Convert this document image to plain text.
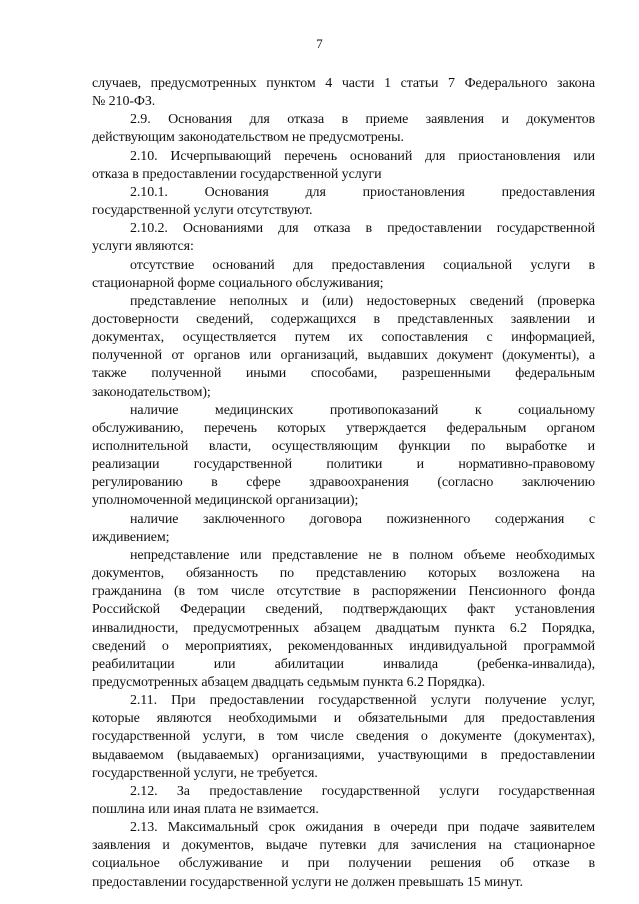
7
случаев, предусмотренных пунктом 4 части 1 статьи 7 Федерального закона
№ 210-ФЗ.
2.9. Основания для отказа в приеме заявления и документов
действующим законодательством не предусмотрены.
2.10. Исчерпывающий перечень оснований для приостановления или
отказа в предоставлении государственной услуги
2.10.1. Основания для приостановления предоставления
государственной услуги отсутствуют.
2.10.2. Основаниями для отказа в предоставлении государственной
услуги являются:
отсутствие оснований для предоставления социальной услуги в
стационарной форме социального обслуживания;
представление неполных и (или) недостоверных сведений (проверка
достоверности сведений, содержащихся в представленных заявлении и
документах, осуществляется путем их сопоставления с информацией,
полученной от органов или организаций, выдавших документ (документы), а
также полученной иными способами, разрешенными федеральным
законодательством);
наличие медицинских противопоказаний к социальному
обслуживанию, перечень которых утверждается федеральным органом
исполнительной власти, осуществляющим функции по выработке и
реализации государственной политики и нормативно-правовому
регулированию в сфере здравоохранения (согласно заключению
уполномоченной медицинской организации);
наличие заключенного договора пожизненного содержания с
иждивением;
непредставление или представление не в полном объеме необходимых
документов, обязанность по представлению которых возложена на
гражданина (в том числе отсутствие в распоряжении Пенсионного фонда
Российской Федерации сведений, подтверждающих факт установления
инвалидности, предусмотренных абзацем двадцатым пункта 6.2 Порядка,
сведений о мероприятиях, рекомендованных индивидуальной программой
реабилитации или абилитации инвалида (ребенка-инвалида),
предусмотренных абзацем двадцать седьмым пункта 6.2 Порядка).
2.11. При предоставлении государственной услуги получение услуг,
которые являются необходимыми и обязательными для предоставления
государственной услуги, в том числе сведения о документе (документах),
выдаваемом (выдаваемых) организациями, участвующими в предоставлении
государственной услуги, не требуется.
2.12. За предоставление государственной услуги государственная
пошлина или иная плата не взимается.
2.13. Максимальный срок ожидания в очереди при подаче заявителем
заявления и документов, выдаче путевки для зачисления на стационарное
социальное обслуживание и при получении решения об отказе в
предоставлении государственной услуги не должен превышать 15 минут.
